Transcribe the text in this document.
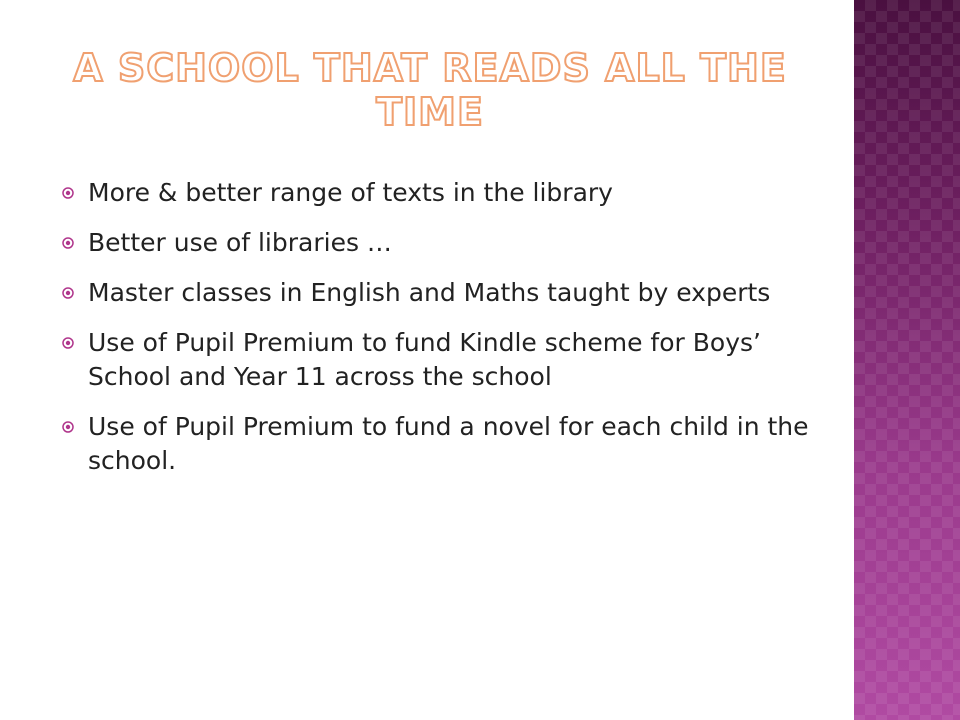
A SCHOOL THAT READS ALL THE TIME
More & better range of texts in the library
Better use of libraries …
Master classes in English and Maths taught by experts
Use of Pupil Premium to fund Kindle scheme for Boys’ School and Year 11 across the school
Use of Pupil Premium to fund a novel for each child in the school.
